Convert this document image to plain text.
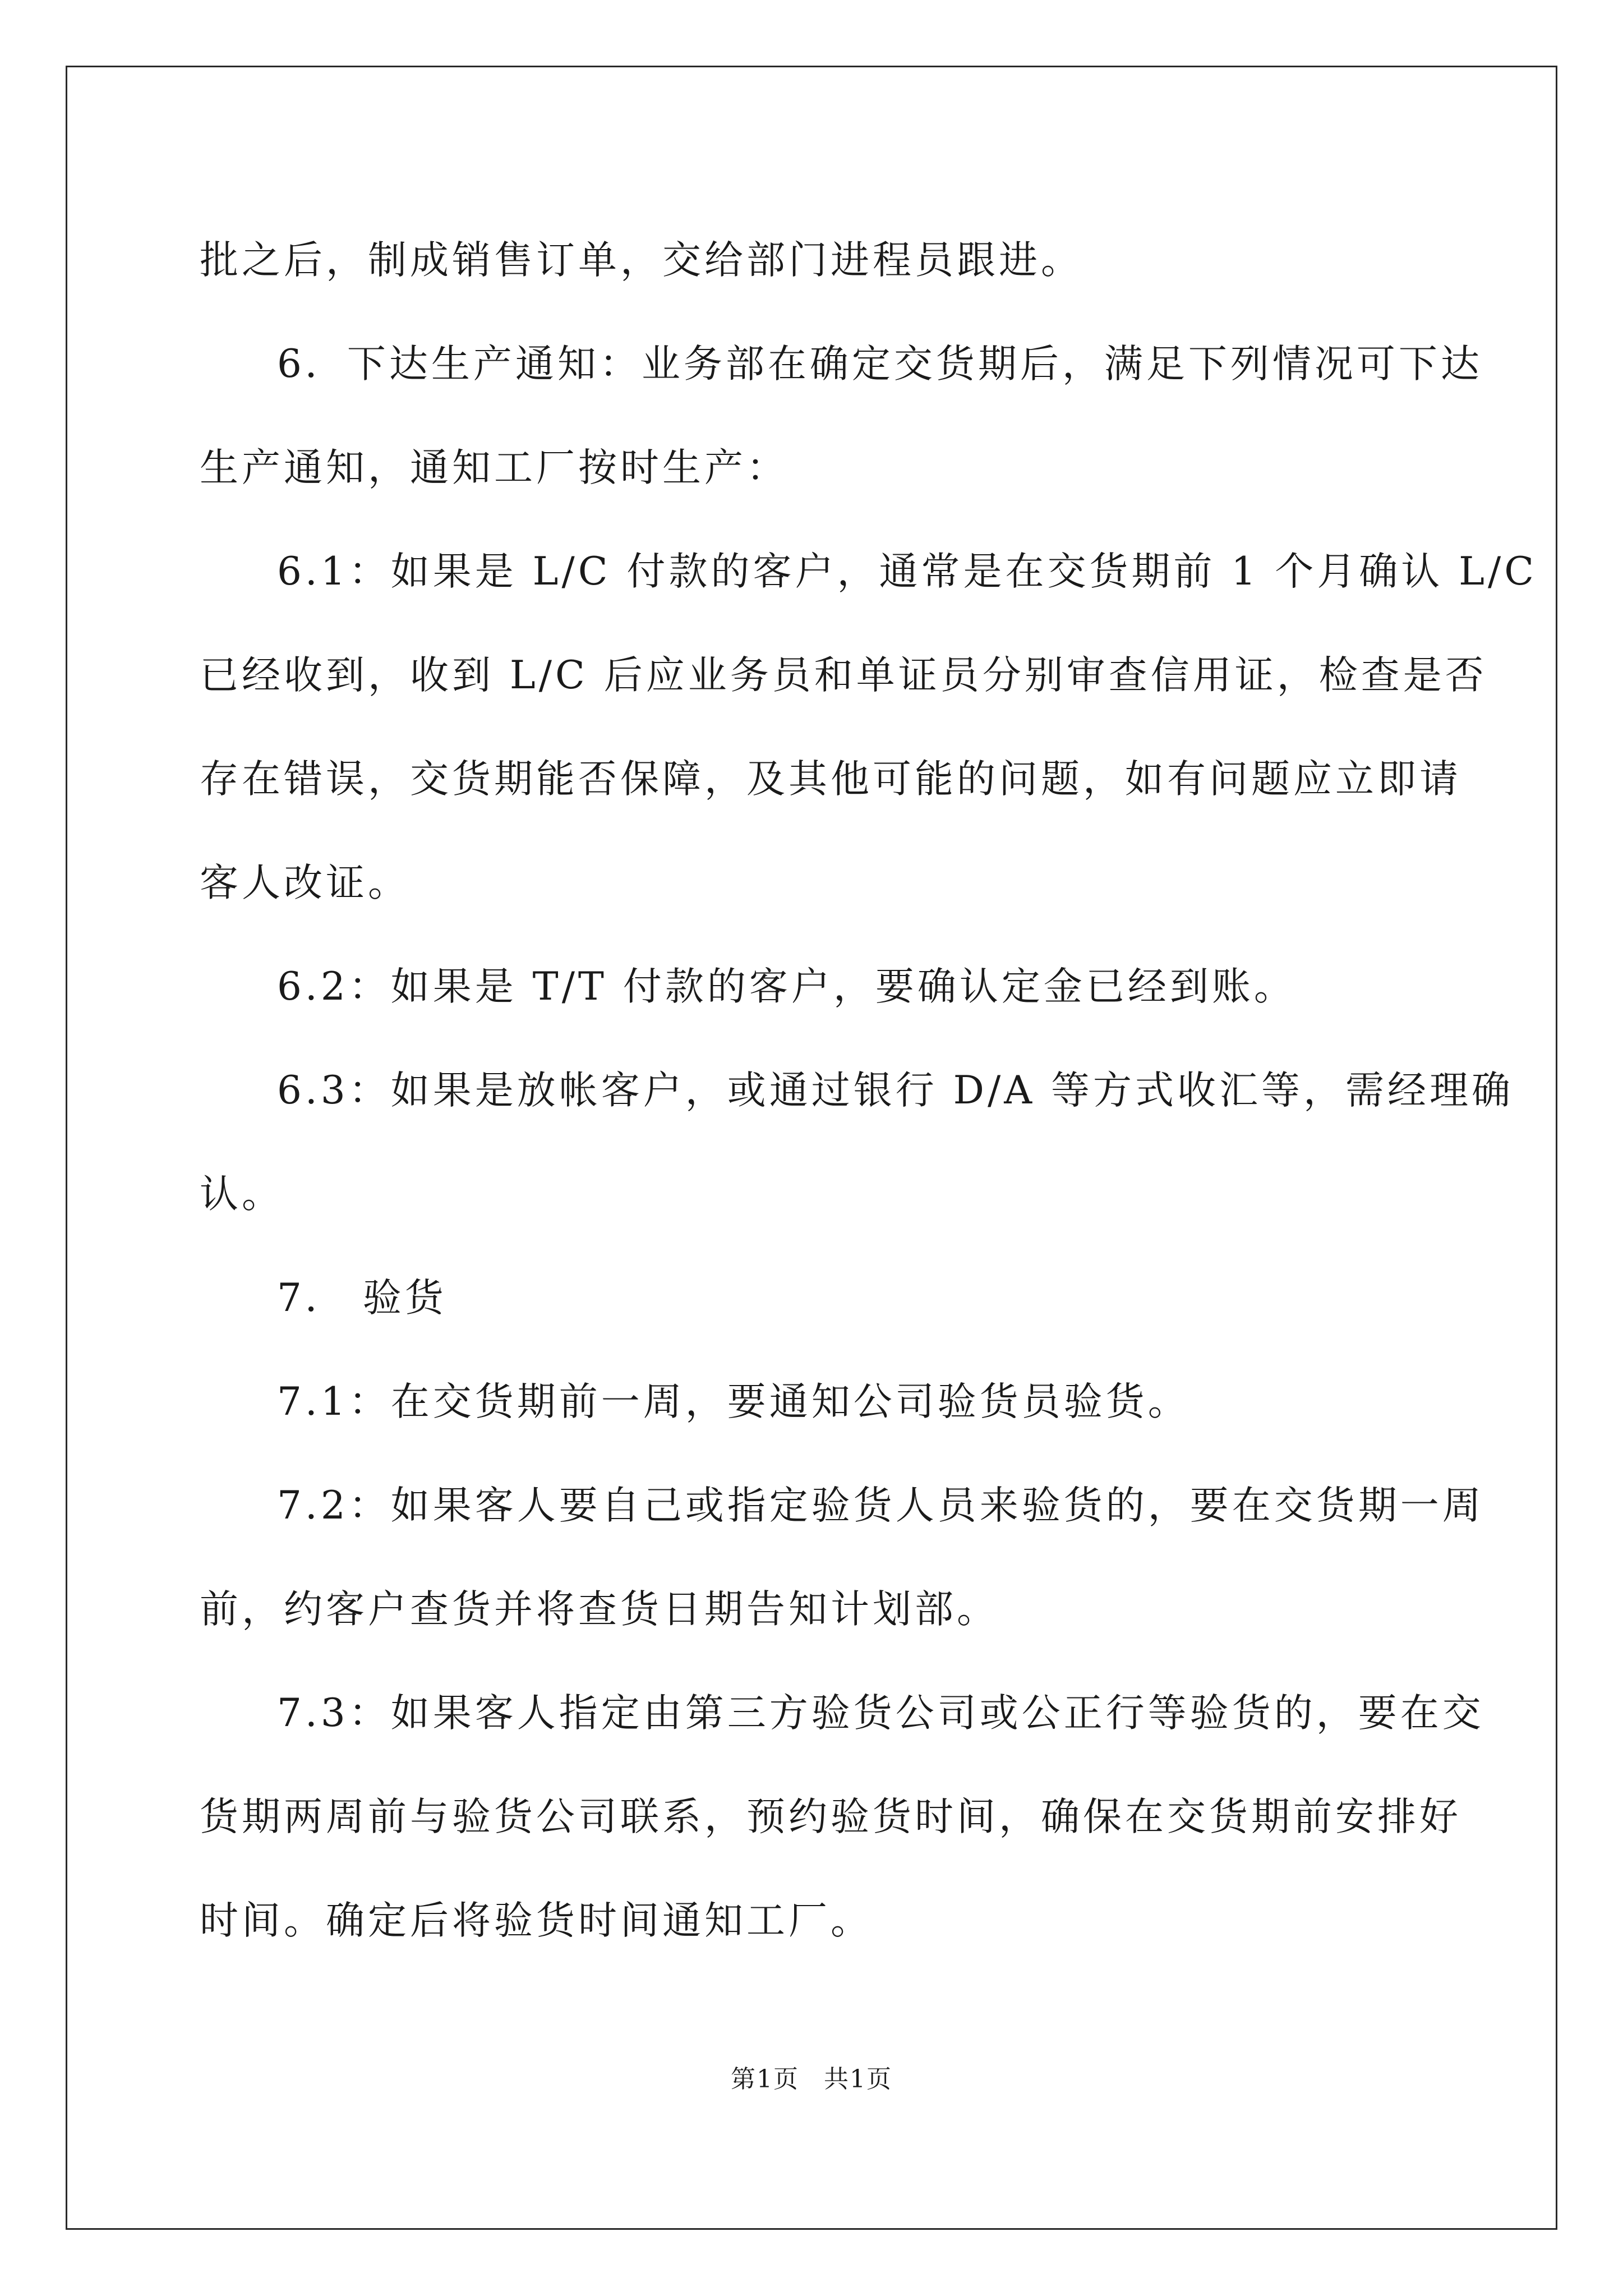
批之后，制成销售订单，交给部门进程员跟进。

6．下达生产通知：业务部在确定交货期后，满足下列情况可下达

生产通知，通知工厂按时生产：

6.1：如果是 L/C 付款的客户，通常是在交货期前 1 个月确认 L/C

已经收到，收到 L/C 后应业务员和单证员分别审查信用证，检查是否

存在错误，交货期能否保障，及其他可能的问题，如有问题应立即请

客人改证。

6.2：如果是 T/T 付款的客户，要确认定金已经到账。

6.3：如果是放帐客户，或通过银行 D/A 等方式收汇等，需经理确

认。

7． 验货

7.1：在交货期前一周，要通知公司验货员验货。

7.2：如果客人要自己或指定验货人员来验货的，要在交货期一周

前，约客户查货并将查货日期告知计划部。

7.3：如果客人指定由第三方验货公司或公正行等验货的，要在交

货期两周前与验货公司联系，预约验货时间，确保在交货期前安排好

时间。确定后将验货时间通知工厂。

第1页 共1页
